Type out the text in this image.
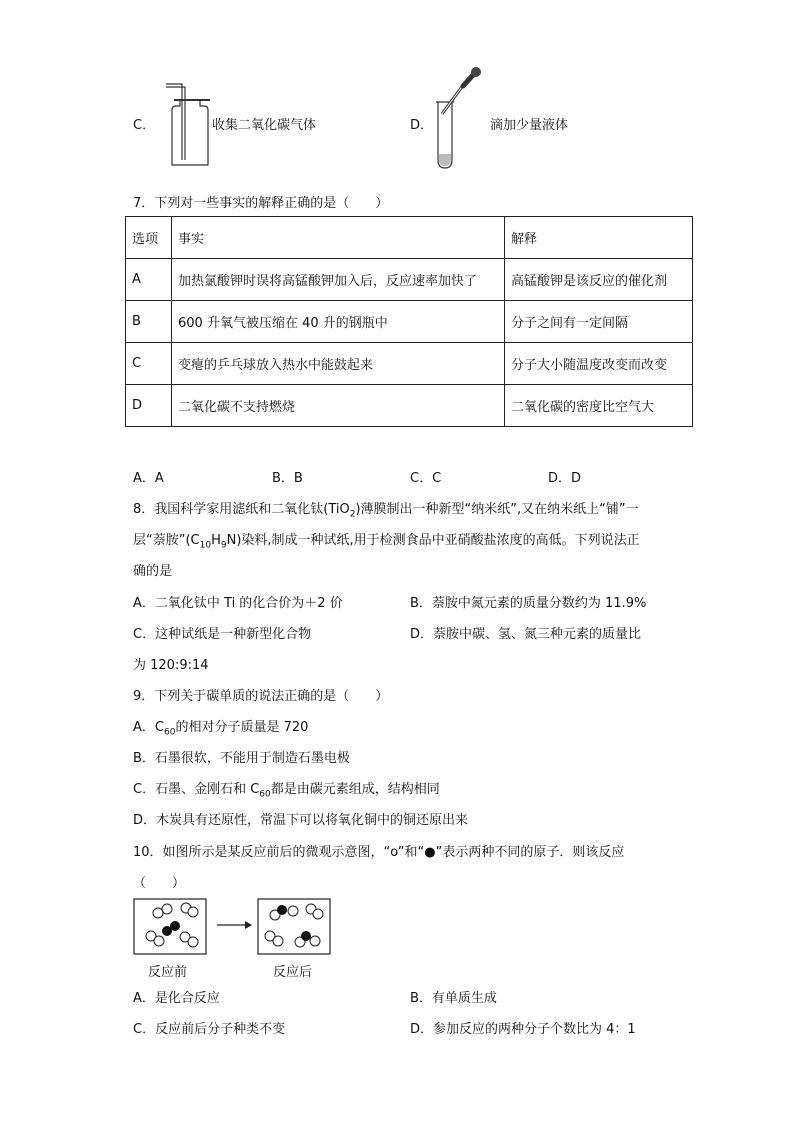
C．	收集二氧化碳气体	D．	滴加少量液体
7．下列对一些事实的解释正确的是（　　）
选项	事实	解释
A	加热氯酸钾时误将高锰酸钾加入后，反应速率加快了	高锰酸钾是该反应的催化剂
B	600 升氧气被压缩在 40 升的钢瓶中	分子之间有一定间隔
C	变瘪的乒乓球放入热水中能鼓起来	分子大小随温度改变而改变
D	二氧化碳不支持燃烧	二氧化碳的密度比空气大
A．A	B．B	C．C	D．D
8．我国科学家用滤纸和二氧化钛(TiO$_2$)薄膜制出一种新型“纳米纸”,又在纳米纸上“铺”一
层“萘胺$”(C_{10}H_9N)$染料,制成一种试纸,用于检测食品中亚硝酸盐浓度的高低。下列说法正
确的是
A．二氧化钛中 Ti 的化合价为＋2 价	B．萘胺中氮元素的质量分数约为 11.9%
C．这种试纸是一种新型化合物	D．萘胺中碳、氢、氮三种元素的质量比
为 120:9:14
9．下列关于碳单质的说法正确的是（　　）
A．$C_{60}$的相对分子质量是 720
B．石墨很软，不能用于制造石墨电极
C．石墨、金刚石和 $C_{60}$都是由碳元素组成，结构相同
D．木炭具有还原性，常温下可以将氧化铜中的铜还原出来
10．如图所示是某反应前后的微观示意图，“o”和“●”表示两种不同的原子．则该反应
（　　）
反应前	反应后
A．是化合反应	B．有单质生成
C．反应前后分子种类不变	D．参加反应的两种分子个数比为 4：1
